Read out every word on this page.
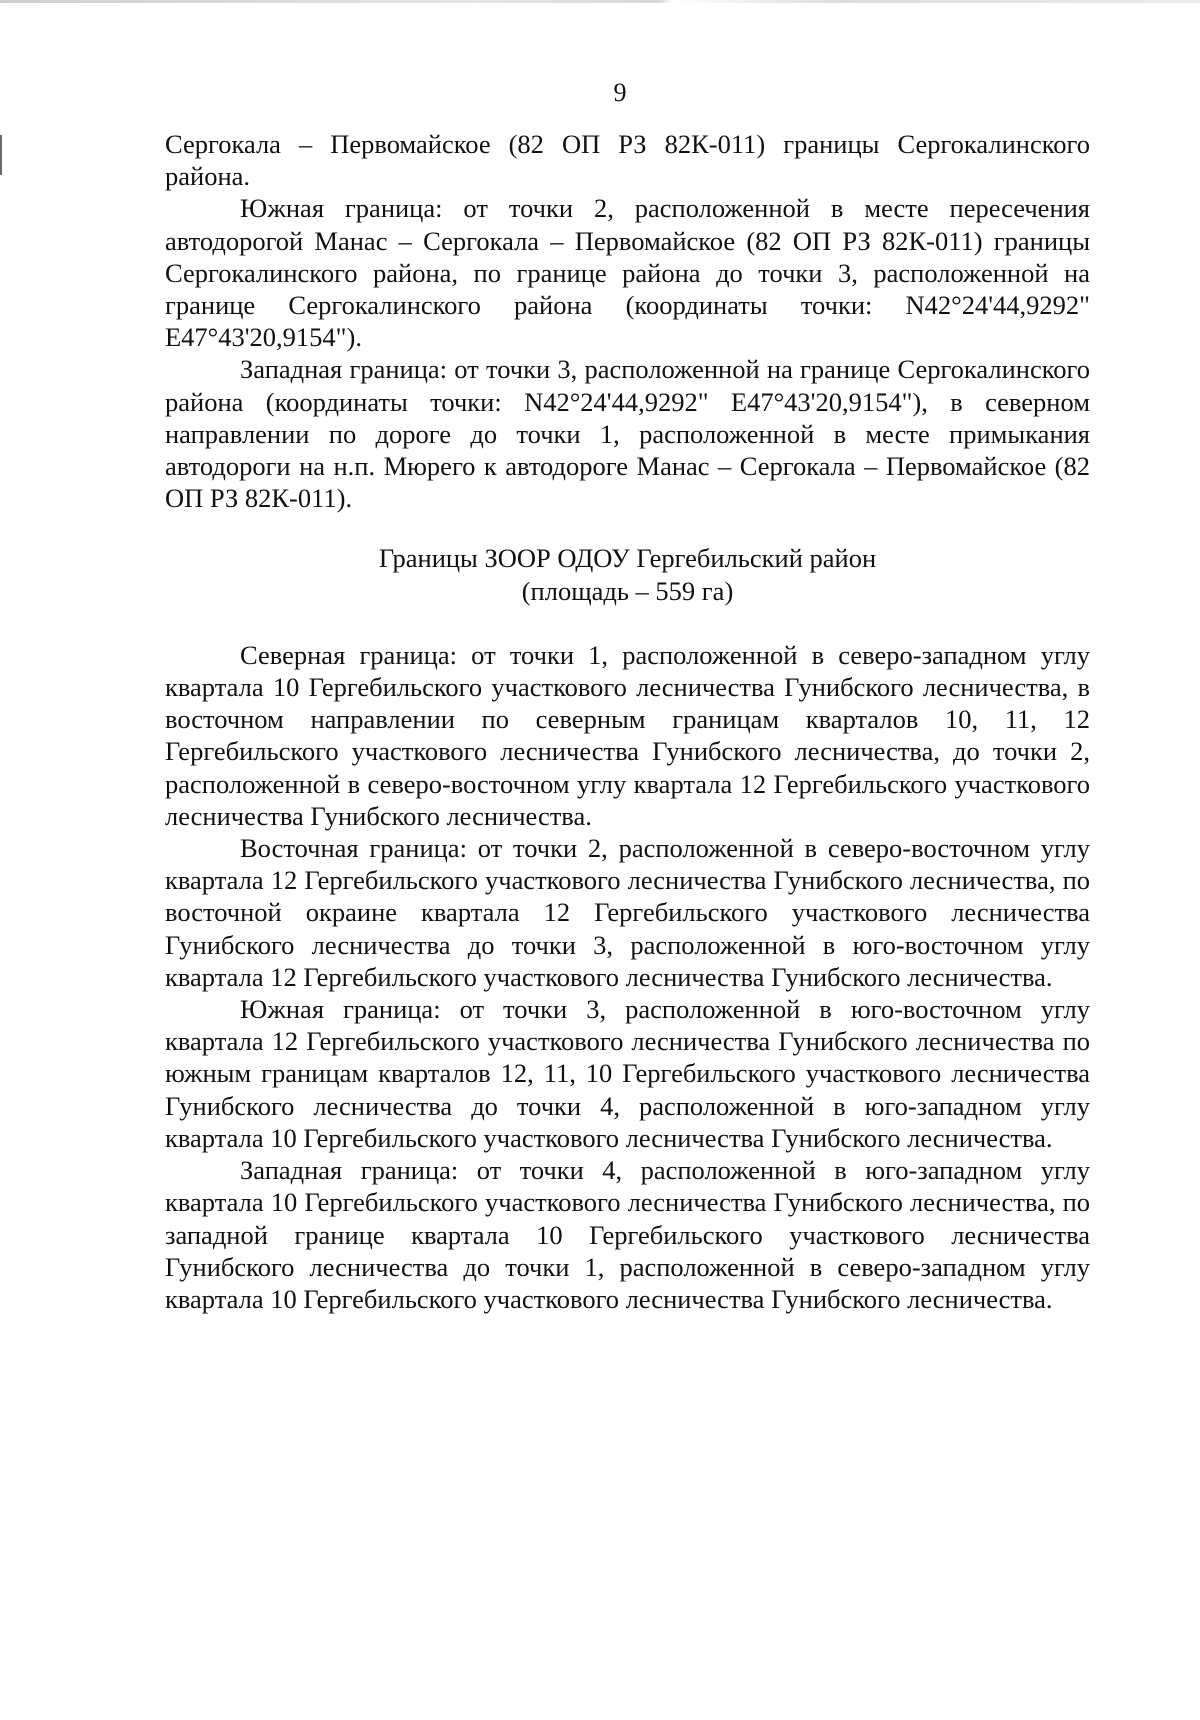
9

Сергокала – Первомайское (82 ОП РЗ 82К-011) границы Сергокалинского района.

Южная граница: от точки 2, расположенной в месте пересечения автодорогой Манас – Сергокала – Первомайское (82 ОП РЗ 82К-011) границы Сергокалинского района, по границе района до точки 3, расположенной на границе Сергокалинского района (координаты точки: N42°24'44,9292" E47°43'20,9154").

Западная граница: от точки 3, расположенной на границе Сергокалинского района (координаты точки: N42°24'44,9292" E47°43'20,9154"), в северном направлении по дороге до точки 1, расположенной в месте примыкания автодороги на н.п. Мюрего к автодороге Манас – Сергокала – Первомайское (82 ОП РЗ 82К-011).

Границы ЗООР ОДОУ Гергебильский район
(площадь – 559 га)

Северная граница: от точки 1, расположенной в северо-западном углу квартала 10 Гергебильского участкового лесничества Гунибского лесничества, в восточном направлении по северным границам кварталов 10, 11, 12 Гергебильского участкового лесничества Гунибского лесничества, до точки 2, расположенной в северо-восточном углу квартала 12 Гергебильского участкового лесничества Гунибского лесничества.

Восточная граница: от точки 2, расположенной в северо-восточном углу квартала 12 Гергебильского участкового лесничества Гунибского лесничества, по восточной окраине квартала 12 Гергебильского участкового лесничества Гунибского лесничества до точки 3, расположенной в юго-восточном углу квартала 12 Гергебильского участкового лесничества Гунибского лесничества.

Южная граница: от точки 3, расположенной в юго-восточном углу квартала 12 Гергебильского участкового лесничества Гунибского лесничества по южным границам кварталов 12, 11, 10 Гергебильского участкового лесничества Гунибского лесничества до точки 4, расположенной в юго-западном углу квартала 10 Гергебильского участкового лесничества Гунибского лесничества.

Западная граница: от точки 4, расположенной в юго-западном углу квартала 10 Гергебильского участкового лесничества Гунибского лесничества, по западной границе квартала 10 Гергебильского участкового лесничества Гунибского лесничества до точки 1, расположенной в северо-западном углу квартала 10 Гергебильского участкового лесничества Гунибского лесничества.
